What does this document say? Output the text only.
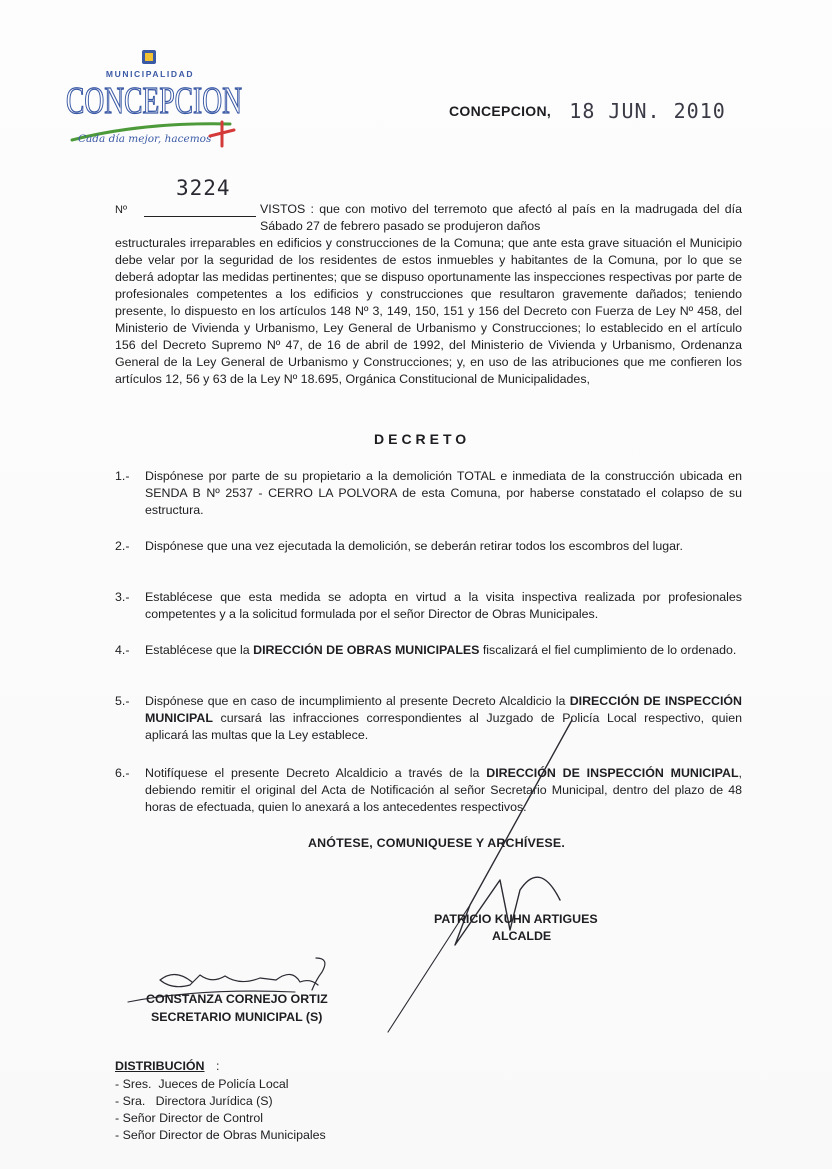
MUNICIPALIDAD
CONCEPCION
Cada día mejor, hacemos
CONCEPCION, 18 JUN. 2010
Nº
3224
VISTOS : que con motivo del terremoto que afectó al país en la madrugada del día Sábado 27 de febrero pasado se produjeron daños
estructurales irreparables en edificios y construcciones de la Comuna; que ante esta grave situación el Municipio debe velar por la seguridad de los residentes de estos inmuebles y habitantes de la Comuna, por lo que se deberá adoptar las medidas pertinentes; que se dispuso oportunamente las inspecciones respectivas por parte de profesionales competentes a los edificios y construcciones que resultaron gravemente dañados; teniendo presente, lo dispuesto en los artículos 148 Nº 3, 149, 150, 151 y 156 del Decreto con Fuerza de Ley Nº 458, del Ministerio de Vivienda y Urbanismo, Ley General de Urbanismo y Construcciones; lo establecido en el artículo 156 del Decreto Supremo Nº 47, de 16 de abril de 1992, del Ministerio de Vivienda y Urbanismo, Ordenanza General de la Ley General de Urbanismo y Construcciones; y, en uso de las atribuciones que me confieren los artículos 12, 56 y 63 de la Ley Nº 18.695, Orgánica Constitucional de Municipalidades,
DECRETO
1.- Dispónese por parte de su propietario a la demolición TOTAL e inmediata de la construcción ubicada en SENDA B Nº 2537 - CERRO LA POLVORA de esta Comuna, por haberse constatado el colapso de su estructura.
2.- Dispónese que una vez ejecutada la demolición, se deberán retirar todos los escombros del lugar.
3.- Establécese que esta medida se adopta en virtud a la visita inspectiva realizada por profesionales competentes y a la solicitud formulada por el señor Director de Obras Municipales.
4.- Establécese que la DIRECCIÓN DE OBRAS MUNICIPALES fiscalizará el fiel cumplimiento de lo ordenado.
5.- Dispónese que en caso de incumplimiento al presente Decreto Alcaldicio la DIRECCIÓN DE INSPECCIÓN MUNICIPAL cursará las infracciones correspondientes al Juzgado de Policía Local respectivo, quien aplicará las multas que la Ley establece.
6.- Notifíquese el presente Decreto Alcaldicio a través de la DIRECCIÓN DE INSPECCIÓN MUNICIPAL, debiendo remitir el original del Acta de Notificación al señor Secretario Municipal, dentro del plazo de 48 horas de efectuada, quien lo anexará a los antecedentes respectivos.
ANÓTESE, COMUNIQUESE Y ARCHÍVESE.
PATRICIO KUHN ARTIGUES
ALCALDE
CONSTANZA CORNEJO ORTIZ
SECRETARIO MUNICIPAL (S)
DISTRIBUCIÓN :
- Sres.  Jueces de Policía Local
- Sra.   Directora Jurídica (S)
- Señor Director de Control
- Señor Director de Obras Municipales
